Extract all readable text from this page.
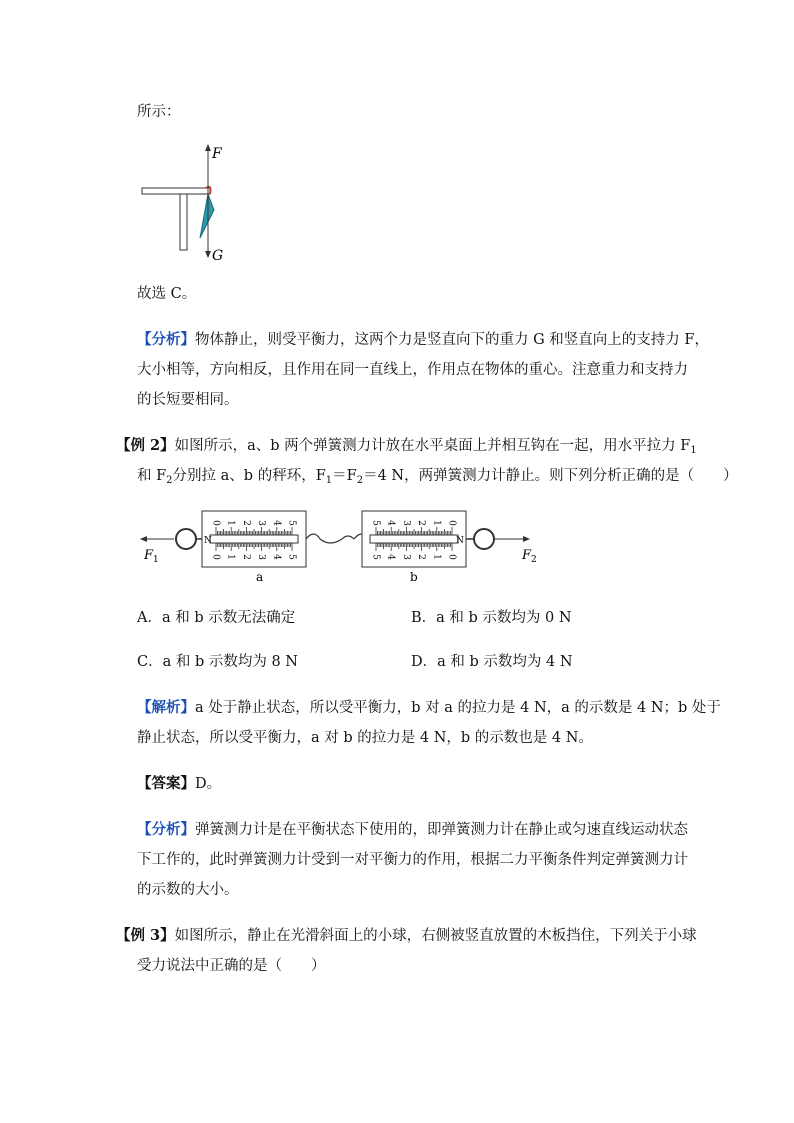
所示：
F
G
故选 C。
【分析】物体静止，则受平衡力，这两个力是竖直向下的重力 G 和竖直向上的支持力 F，
大小相等，方向相反，且作用在同一直线上，作用点在物体的重心。注意重力和支持力
的长短要相同。
【例 2】如图所示，a、b 两个弹簧测力计放在水平桌面上并相互钩在一起，用水平拉力 $F_1$
和 $F_2$分别拉 a、b 的秤环，$F_1=F_2=4$ N，两弹簧测力计静止。则下列分析正确的是（　　）
0
0
1
1
2
2
3
3
4
4
5
5
N
a
0
0
1
1
2
2
3
3
4
4
5
5
N
b
$F_1$	$F_2$
A．a 和 b 示数无法确定	B．a 和 b 示数均为 0 N
C．a 和 b 示数均为 8 N	D．a 和 b 示数均为 4 N
【解析】a 处于静止状态，所以受平衡力，b 对 a 的拉力是 4 N，a 的示数是 4 N；b 处于
静止状态，所以受平衡力，a 对 b 的拉力是 4 N，b 的示数也是 4 N。
【答案】D。
【分析】弹簧测力计是在平衡状态下使用的，即弹簧测力计在静止或匀速直线运动状态
下工作的，此时弹簧测力计受到一对平衡力的作用，根据二力平衡条件判定弹簧测力计
的示数的大小。
【例 3】如图所示，静止在光滑斜面上的小球，右侧被竖直放置的木板挡住，下列关于小球
受力说法中正确的是（　　）
